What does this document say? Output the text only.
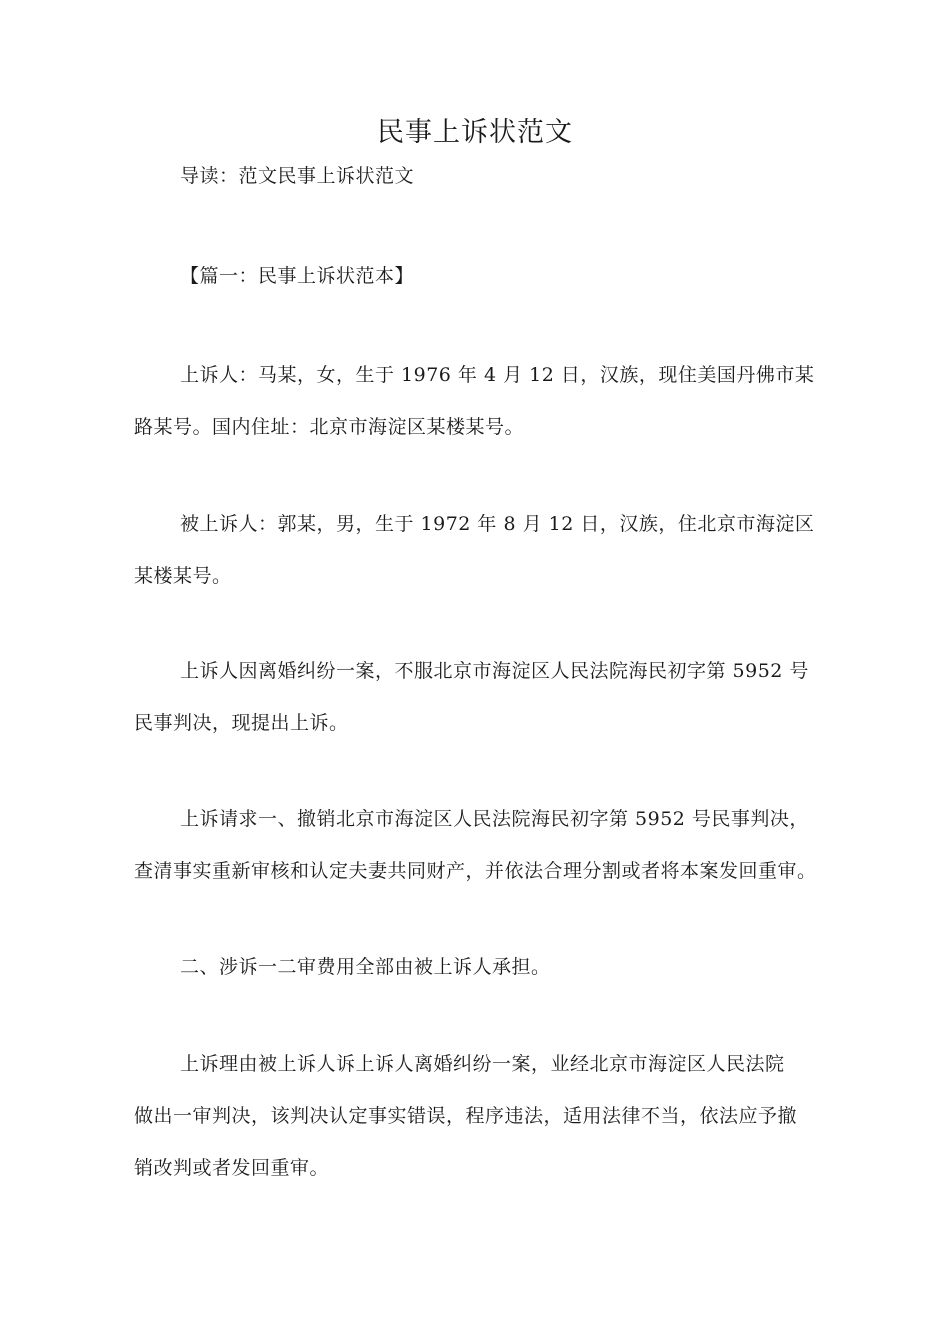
民事上诉状范文
导读：范文民事上诉状范文
【篇一：民事上诉状范本】
上诉人：马某，女，生于 1976 年 4 月 12 日，汉族，现住美国丹佛市某
路某号。国内住址：北京市海淀区某楼某号。
被上诉人：郭某，男，生于 1972 年 8 月 12 日，汉族，住北京市海淀区
某楼某号。
上诉人因离婚纠纷一案，不服北京市海淀区人民法院海民初字第 5952 号
民事判决，现提出上诉。
上诉请求一、撤销北京市海淀区人民法院海民初字第 5952 号民事判决，
查清事实重新审核和认定夫妻共同财产，并依法合理分割或者将本案发回重审。
二、涉诉一二审费用全部由被上诉人承担。
上诉理由被上诉人诉上诉人离婚纠纷一案，业经北京市海淀区人民法院
做出一审判决，该判决认定事实错误，程序违法，适用法律不当，依法应予撤
销改判或者发回重审。
